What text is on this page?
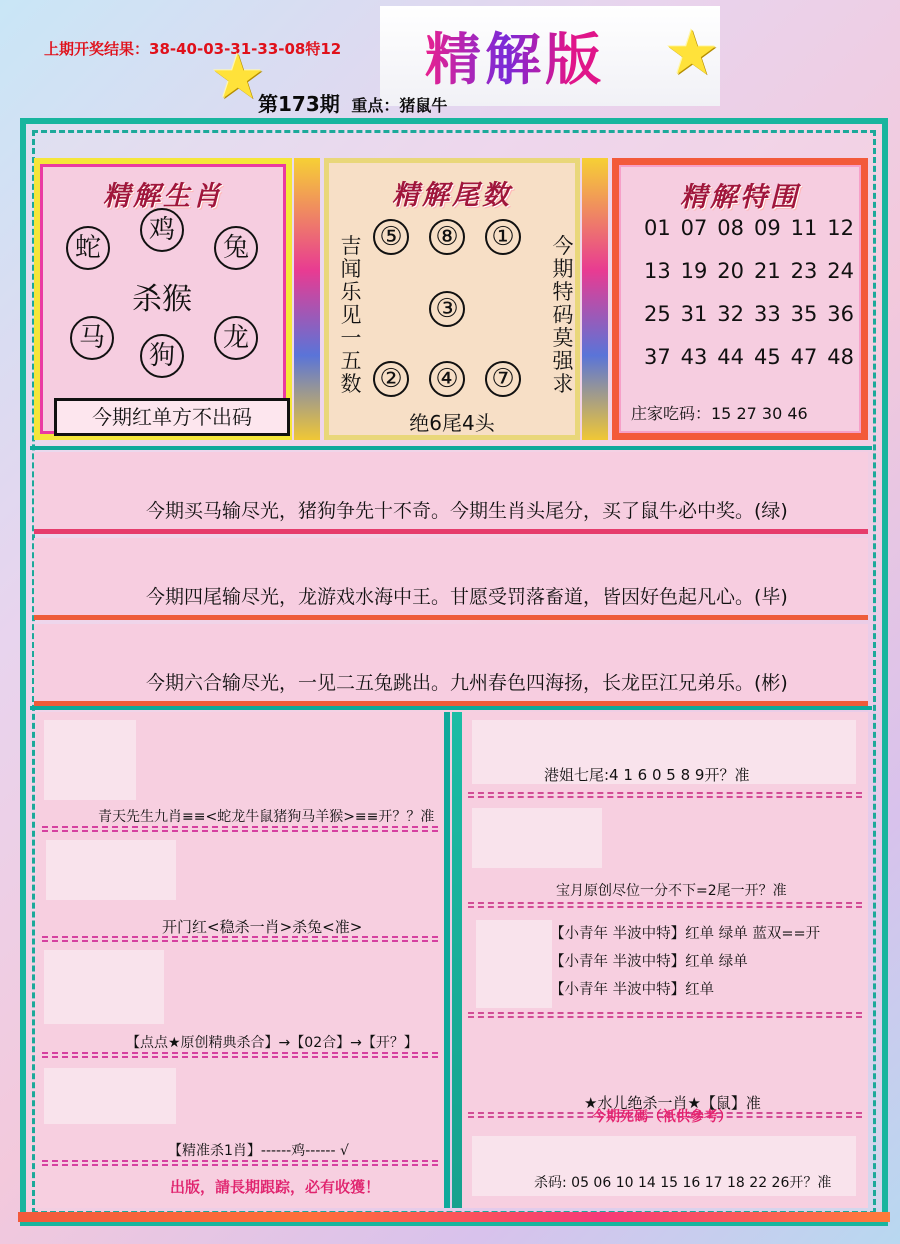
上期开奖结果：38-40-03-31-33-08特12 精解版
★	★
第173期 重点：猪鼠牛
精解生肖
蛇
鸡
兔
杀猴
马
狗
龙
今期红单方不出码
精解尾数
吉闻乐见一五数
今期特码莫强求
⑤ ⑧ ①
③
② ④ ⑦
绝6尾4头
精解特围
01 07 08 09 11 12
13 19 20 21 23 24
25 31 32 33 35 36
37 43 44 45 47 48
庄家吃码：15 27 30 46
今期买马输尽光，猪狗争先十不奇。今期生肖头尾分，买了鼠牛必中奖。(绿)
今期四尾输尽光，龙游戏水海中王。甘愿受罚落畜道，皆因好色起凡心。(毕)
今期六合输尽光，一见二五兔跳出。九州春色四海扬，长龙臣江兄弟乐。(彬)
青天先生九肖≡≡<蛇龙牛鼠猪狗马羊猴>≡≡开？？准
开门红<稳杀一肖>杀兔<准>
【点点★原创精典杀合】→【02合】→【开？】
【精准杀1肖】------鸡------ √
出版，請長期跟踪，必有收獲！
港姐七尾:4 1 6 0 5 8 9开？准
宝月原创尽位一分不下=2尾一开？准
【小青年 半波中特】红单 绿单 蓝双==开
【小青年 半波中特】红单 绿单
【小青年 半波中特】红单
★水儿绝杀一肖★【鼠】准
今期死碼（衹供參考）
杀码: 05 06 10 14 15 16 17 18 22 26开？准
